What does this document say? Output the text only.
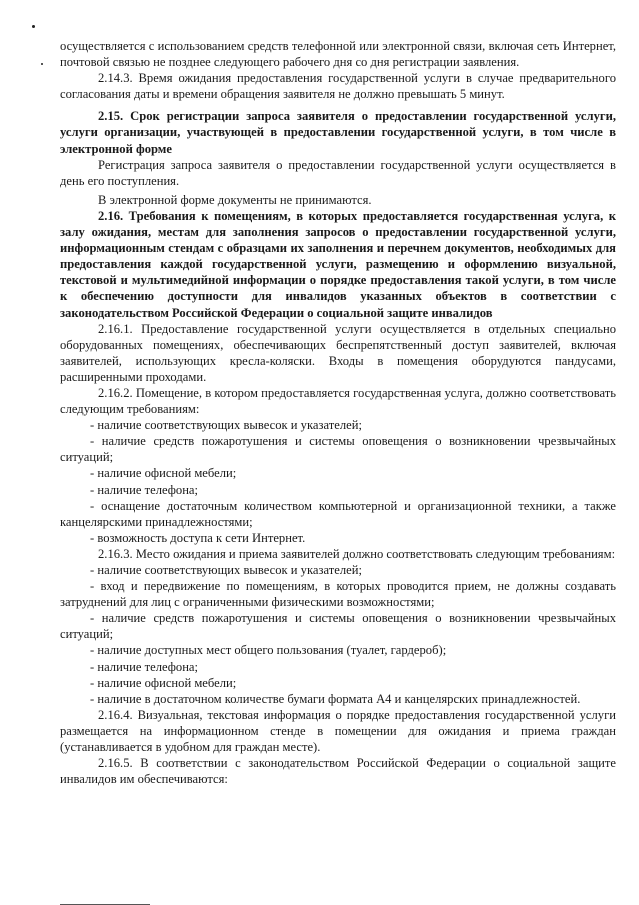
осуществляется с использованием средств телефонной или электронной связи, включая сеть Интернет, почтовой связью не позднее следующего рабочего дня со дня регистрации заявления.

2.14.3. Время ожидания предоставления государственной услуги в случае предварительного согласования даты и времени обращения заявителя не должно превышать 5 минут.

2.15. Срок регистрации запроса заявителя о предоставлении государственной услуги, услуги организации, участвующей в предоставлении государственной услуги, в том числе в электронной форме

Регистрация запроса заявителя о предоставлении государственной услуги осуществляется в день его поступления.

В электронной форме документы не принимаются.

2.16. Требования к помещениям, в которых предоставляется государственная услуга, к залу ожидания, местам для заполнения запросов о предоставлении государственной услуги, информационным стендам с образцами их заполнения и перечнем документов, необходимых для предоставления каждой государственной услуги, размещению и оформлению визуальной, текстовой и мультимедийной информации о порядке предоставления такой услуги, в том числе к обеспечению доступности для инвалидов указанных объектов в соответствии с законодательством Российской Федерации о социальной защите инвалидов

2.16.1. Предоставление государственной услуги осуществляется в отдельных специально оборудованных помещениях, обеспечивающих беспрепятственный доступ заявителей, включая заявителей, использующих кресла-коляски. Входы в помещения оборудуются пандусами, расширенными проходами.

2.16.2. Помещение, в котором предоставляется государственная услуга, должно соответствовать следующим требованиям:

- наличие соответствующих вывесок и указателей;

- наличие средств пожаротушения и системы оповещения о возникновении чрезвычайных ситуаций;

- наличие офисной мебели;

- наличие телефона;

- оснащение достаточным количеством компьютерной и организационной техники, а также канцелярскими принадлежностями;

- возможность доступа к сети Интернет.

2.16.3. Место ожидания и приема заявителей должно соответствовать следующим требованиям:

- наличие соответствующих вывесок и указателей;

- вход и передвижение по помещениям, в которых проводится прием, не должны создавать затруднений для лиц с ограниченными физическими возможностями;

- наличие средств пожаротушения и системы оповещения о возникновении чрезвычайных ситуаций;

- наличие доступных мест общего пользования (туалет, гардероб);

- наличие телефона;

- наличие офисной мебели;

- наличие в достаточном количестве бумаги формата А4 и канцелярских принадлежностей.

2.16.4. Визуальная, текстовая информация о порядке предоставления государственной услуги размещается на информационном стенде в помещении для ожидания и приема граждан (устанавливается в удобном для граждан месте).

2.16.5. В соответствии с законодательством Российской Федерации о социальной защите инвалидов им обеспечиваются:
